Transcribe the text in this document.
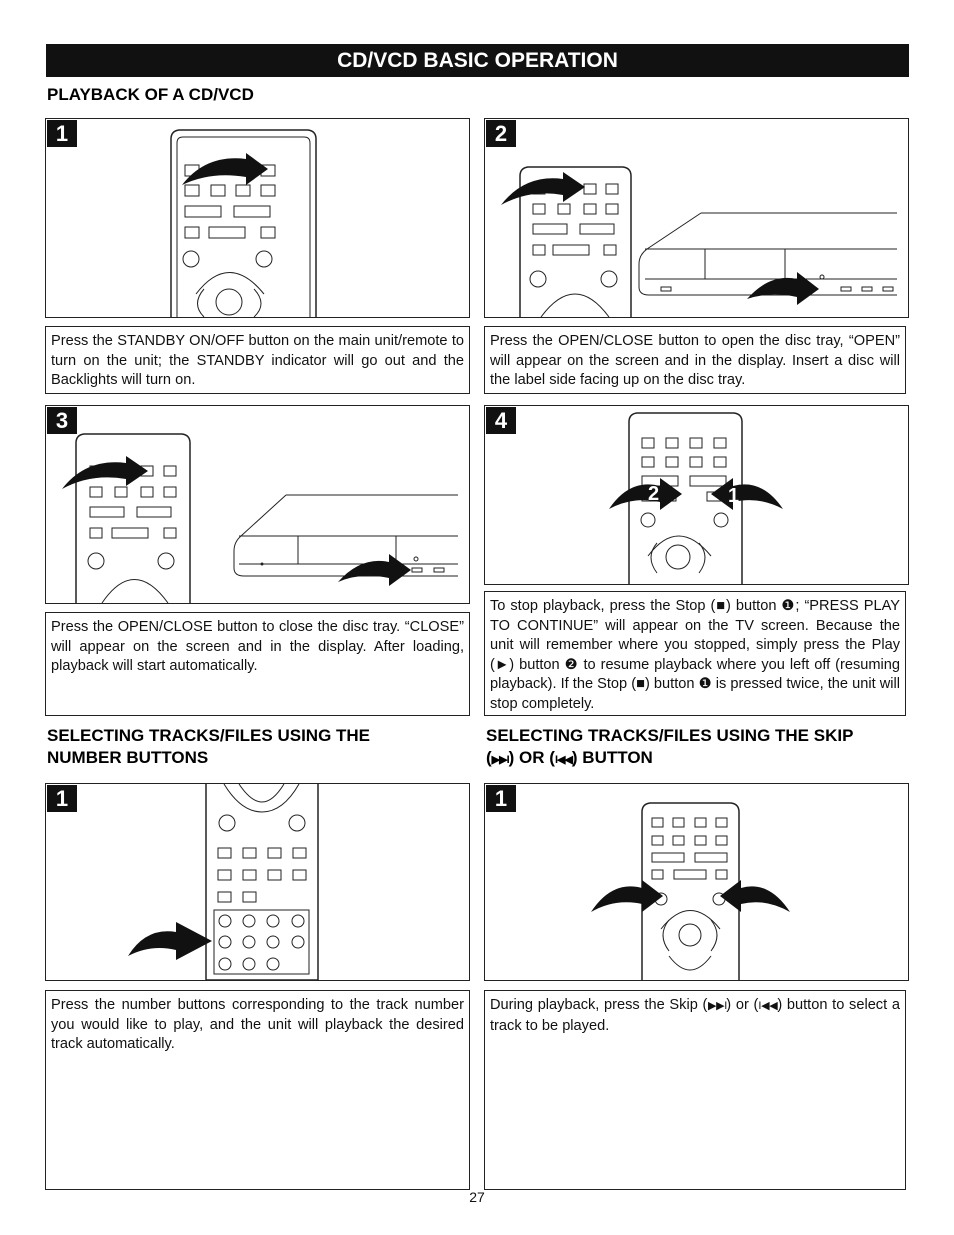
CD/VCD BASIC OPERATION
PLAYBACK OF A CD/VCD
1	2
Press the STANDBY ON/OFF button on the main unit/remote to turn on the unit; the STANDBY indicator will go out and the Backlights will turn on.
Press the OPEN/CLOSE button to open the disc tray, “OPEN” will appear on the screen and in the display. Insert a disc will the label side facing up on the disc tray.
3	4
2	1
Press the OPEN/CLOSE button to close the disc tray. “CLOSE” will appear on the screen and in the display. After loading, playback will start automatically.
To stop playback, press the Stop (■) button ❶; “PRESS PLAY TO CONTINUE” will appear on the TV screen. Because the unit will remember where you stopped, simply press the Play (►) button ❷ to resume playback where you left off (resuming playback). If the Stop (■) button ❶ is pressed twice, the unit will stop completely.
SELECTING TRACKS/FILES USING THE
NUMBER BUTTONS
SELECTING TRACKS/FILES USING THE SKIP
(▶▶I) OR (I◀◀) BUTTON
1	1
Press the number buttons corresponding to the track number you would like to play, and the unit will playback the desired track automatically.
During playback, press the Skip (▶▶I) or (I◀◀) button to select a track to be played.
27
